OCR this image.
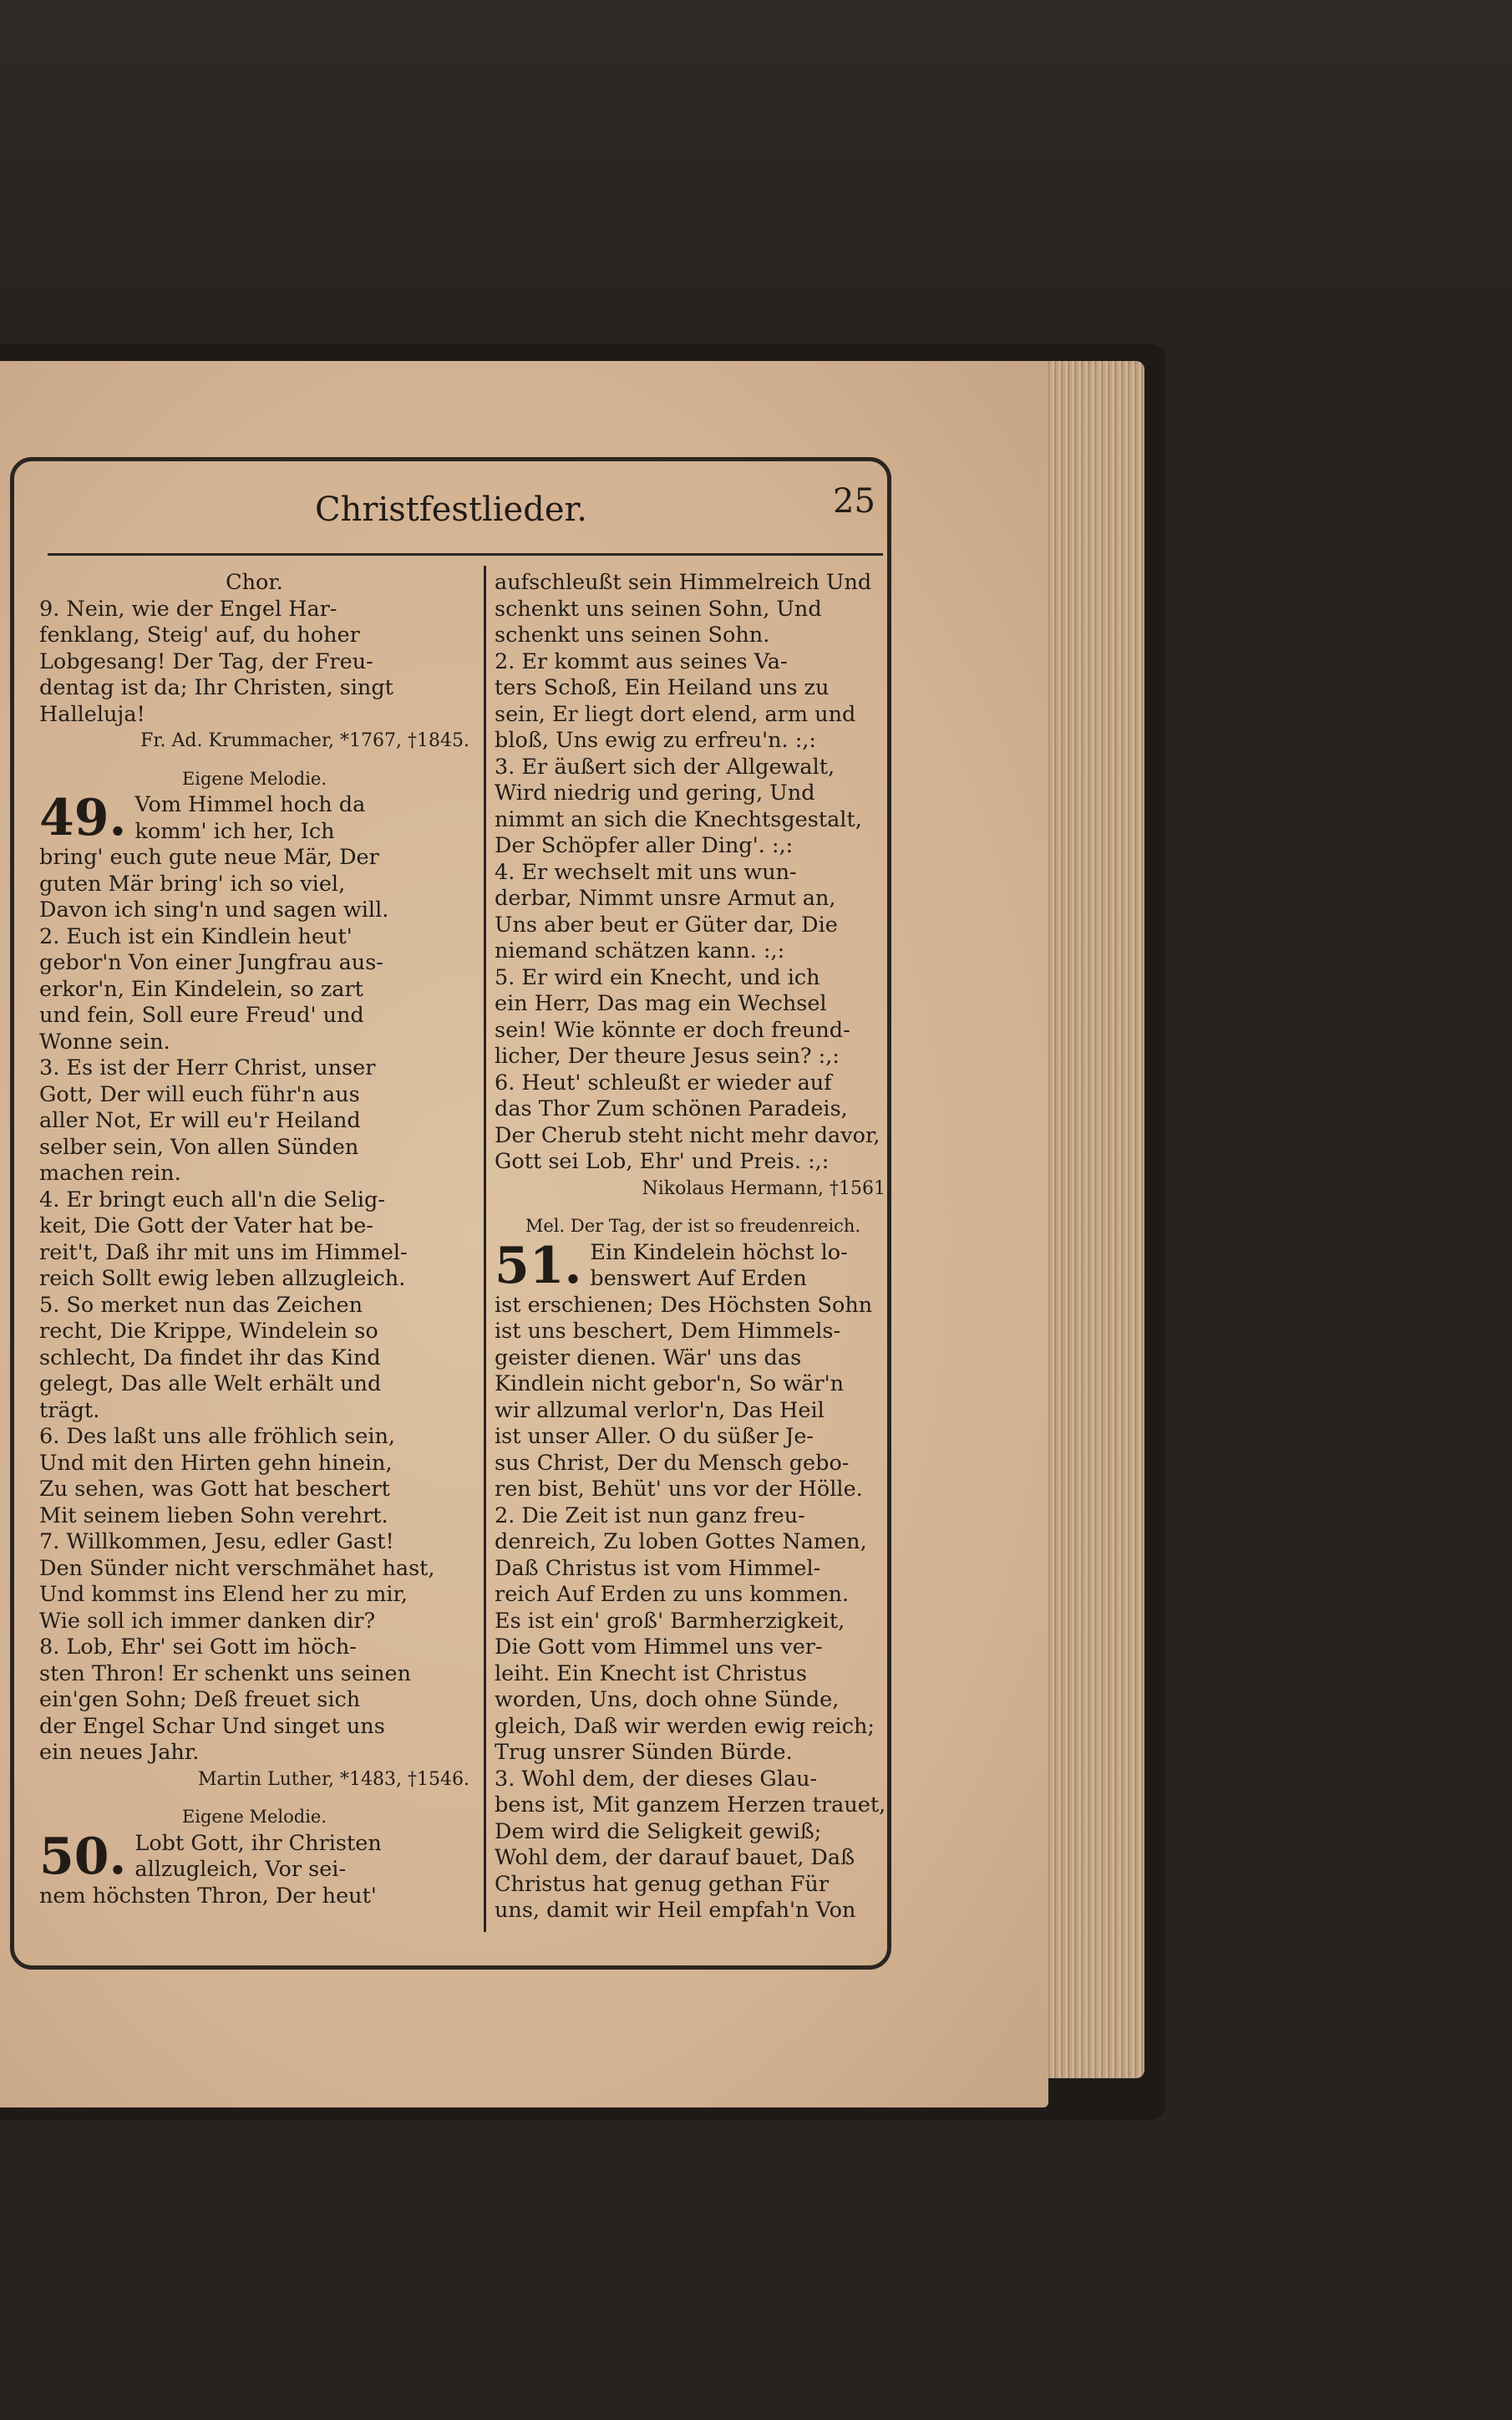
Christfestlieder.	25
Chor.
9. Nein, wie der Engel Har-
fenklang, Steig' auf, du hoher
Lobgesang! Der Tag, der Freu-
dentag ist da; Ihr Christen, singt
Halleluja!
Fr. Ad. Krummacher, *1767, †1845.
Eigene Melodie.
49. Vom Himmel hoch da
komm' ich her, Ich
bring' euch gute neue Mär, Der
guten Mär bring' ich so viel,
Davon ich sing'n und sagen will.
2. Euch ist ein Kindlein heut'
gebor'n Von einer Jungfrau aus-
erkor'n, Ein Kindelein, so zart
und fein, Soll eure Freud' und
Wonne sein.
3. Es ist der Herr Christ, unser
Gott, Der will euch führ'n aus
aller Not, Er will eu'r Heiland
selber sein, Von allen Sünden
machen rein.
4. Er bringt euch all'n die Selig-
keit, Die Gott der Vater hat be-
reit't, Daß ihr mit uns im Himmel-
reich Sollt ewig leben allzugleich.
5. So merket nun das Zeichen
recht, Die Krippe, Windelein so
schlecht, Da findet ihr das Kind
gelegt, Das alle Welt erhält und
trägt.
6. Des laßt uns alle fröhlich sein,
Und mit den Hirten gehn hinein,
Zu sehen, was Gott hat beschert
Mit seinem lieben Sohn verehrt.
7. Willkommen, Jesu, edler Gast!
Den Sünder nicht verschmähet hast,
Und kommst ins Elend her zu mir,
Wie soll ich immer danken dir?
8. Lob, Ehr' sei Gott im höch-
sten Thron! Er schenkt uns seinen
ein'gen Sohn; Deß freuet sich
der Engel Schar Und singet uns
ein neues Jahr.
Martin Luther, *1483, †1546.
Eigene Melodie.
50. Lobt Gott, ihr Christen
allzugleich, Vor sei-
nem höchsten Thron, Der heut'
aufschleußt sein Himmelreich Und
schenkt uns seinen Sohn, Und
schenkt uns seinen Sohn.
2. Er kommt aus seines Va-
ters Schoß, Ein Heiland uns zu
sein, Er liegt dort elend, arm und
bloß, Uns ewig zu erfreu'n. :,:
3. Er äußert sich der Allgewalt,
Wird niedrig und gering, Und
nimmt an sich die Knechtsgestalt,
Der Schöpfer aller Ding'. :,:
4. Er wechselt mit uns wun-
derbar, Nimmt unsre Armut an,
Uns aber beut er Güter dar, Die
niemand schätzen kann. :,:
5. Er wird ein Knecht, und ich
ein Herr, Das mag ein Wechsel
sein! Wie könnte er doch freund-
licher, Der theure Jesus sein? :,:
6. Heut' schleußt er wieder auf
das Thor Zum schönen Paradeis,
Der Cherub steht nicht mehr davor,
Gott sei Lob, Ehr' und Preis. :,:
Nikolaus Hermann, †1561.
Mel. Der Tag, der ist so freudenreich.
51. Ein Kindelein höchst lo-
benswert Auf Erden
ist erschienen; Des Höchsten Sohn
ist uns beschert, Dem Himmels-
geister dienen. Wär' uns das
Kindlein nicht gebor'n, So wär'n
wir allzumal verlor'n, Das Heil
ist unser Aller. O du süßer Je-
sus Christ, Der du Mensch gebo-
ren bist, Behüt' uns vor der Hölle.
2. Die Zeit ist nun ganz freu-
denreich, Zu loben Gottes Namen,
Daß Christus ist vom Himmel-
reich Auf Erden zu uns kommen.
Es ist ein' groß' Barmherzigkeit,
Die Gott vom Himmel uns ver-
leiht. Ein Knecht ist Christus
worden, Uns, doch ohne Sünde,
gleich, Daß wir werden ewig reich;
Trug unsrer Sünden Bürde.
3. Wohl dem, der dieses Glau-
bens ist, Mit ganzem Herzen trauet,
Dem wird die Seligkeit gewiß;
Wohl dem, der darauf bauet, Daß
Christus hat genug gethan Für
uns, damit wir Heil empfah'n Von
